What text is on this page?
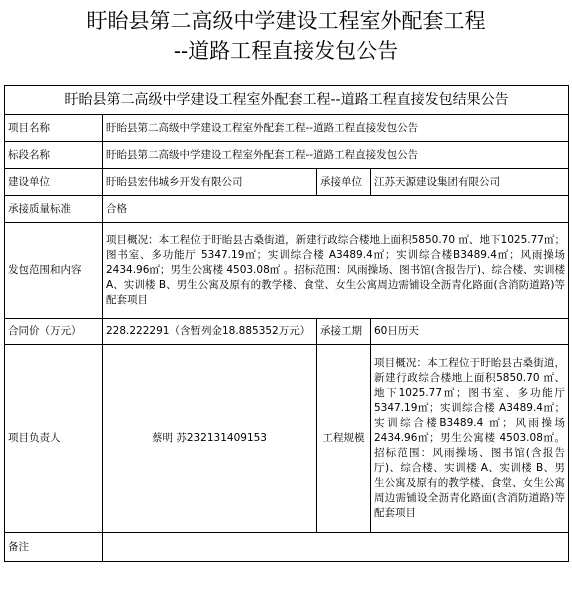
盱眙县第二高级中学建设工程室外配套工程
--道路工程直接发包公告
盱眙县第二高级中学建设工程室外配套工程--道路工程直接发包结果公告			
项目名称	盱眙县第二高级中学建设工程室外配套工程--道路工程直接发包公告		
标段名称	盱眙县第二高级中学建设工程室外配套工程--道路工程直接发包公告		
建设单位	盱眙县宏伟城乡开发有限公司	承接单位	江苏天源建设集团有限公司
承接质量标准	合格		
发包范围和内容	项目概况：本工程位于盱眙县古桑街道，新建行政综合楼地上面积5850.70 ㎡、地下1025.77㎡；图书室、多功能厅 5347.19㎡；实训综合楼 A3489.4㎡；实训综合楼B3489.4㎡；风雨操场 2434.96㎡；男生公寓楼 4503.08㎡ 。招标范围：风雨操场、图书馆(含报告厅)、综合楼、实训楼 A、实训楼 B、男生公寓及原有的教学楼、食堂、女生公寓周边需铺设全沥青化路面(含消防道路)等配套项目		
合同价（万元）	228.222291（含暂列金18.885352万元）	承接工期	60日历天
项目负责人	蔡明 苏232131409153	工程规模	项目概况：本工程位于盱眙县古桑街道，新建行政综合楼地上面积5850.70 ㎡、地下1025.77㎡；图书室、多功能厅 5347.19㎡；实训综合楼 A3489.4㎡；实训综合楼B3489.4 ㎡；风雨操场2434.96㎡；男生公寓楼 4503.08㎡。招标范围：风雨操场、图书馆(含报告厅)、综合楼、实训楼 A、实训楼 B、男生公寓及原有的教学楼、食堂、女生公寓周边需铺设全沥青化路面(含消防道路)等配套项目
备注			
